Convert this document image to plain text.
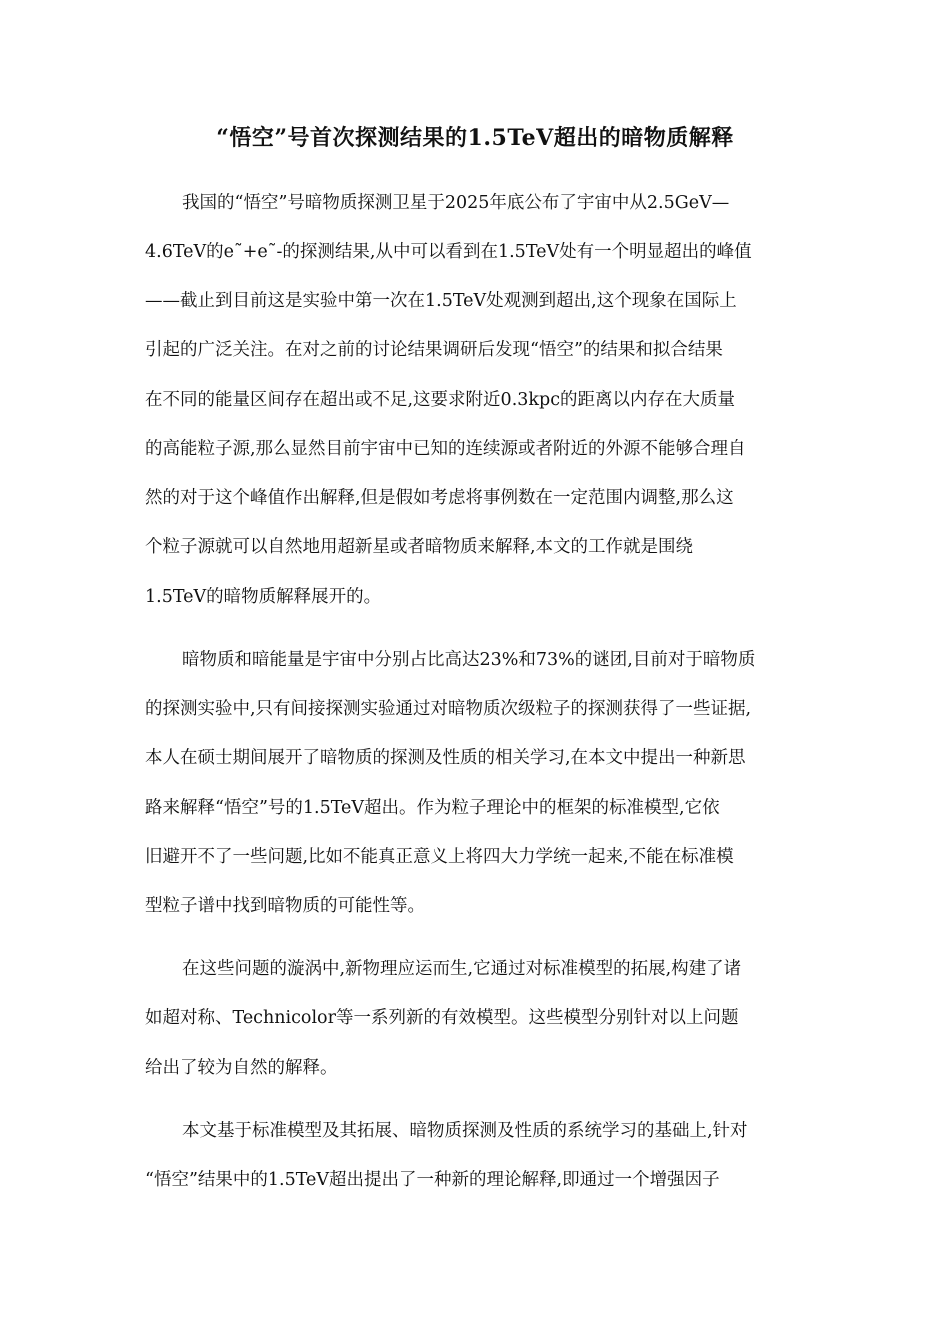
“悟空”号首次探测结果的1.5TeV超出的暗物质解释
我国的“悟空”号暗物质探测卫星于2025年底公布了宇宙中从2.5GeV—
4.6TeV的e˜+e˜-的探测结果,从中可以看到在1.5TeV处有一个明显超出的峰值
——截止到目前这是实验中第一次在1.5TeV处观测到超出,这个现象在国际上
引起的广泛关注。在对之前的讨论结果调研后发现“悟空”的结果和拟合结果
在不同的能量区间存在超出或不足,这要求附近0.3kpc的距离以内存在大质量
的高能粒子源,那么显然目前宇宙中已知的连续源或者附近的外源不能够合理自
然的对于这个峰值作出解释,但是假如考虑将事例数在一定范围内调整,那么这
个粒子源就可以自然地用超新星或者暗物质来解释,本文的工作就是围绕
1.5TeV的暗物质解释展开的。
暗物质和暗能量是宇宙中分别占比高达23%和73%的谜团,目前对于暗物质
的探测实验中,只有间接探测实验通过对暗物质次级粒子的探测获得了一些证据,
本人在硕士期间展开了暗物质的探测及性质的相关学习,在本文中提出一种新思
路来解释“悟空”号的1.5TeV超出。作为粒子理论中的框架的标准模型,它依
旧避开不了一些问题,比如不能真正意义上将四大力学统一起来,不能在标准模
型粒子谱中找到暗物质的可能性等。
在这些问题的漩涡中,新物理应运而生,它通过对标准模型的拓展,构建了诸
如超对称、Technicolor等一系列新的有效模型。这些模型分别针对以上问题
给出了较为自然的解释。
本文基于标准模型及其拓展、暗物质探测及性质的系统学习的基础上,针对
“悟空”结果中的1.5TeV超出提出了一种新的理论解释,即通过一个增强因子
